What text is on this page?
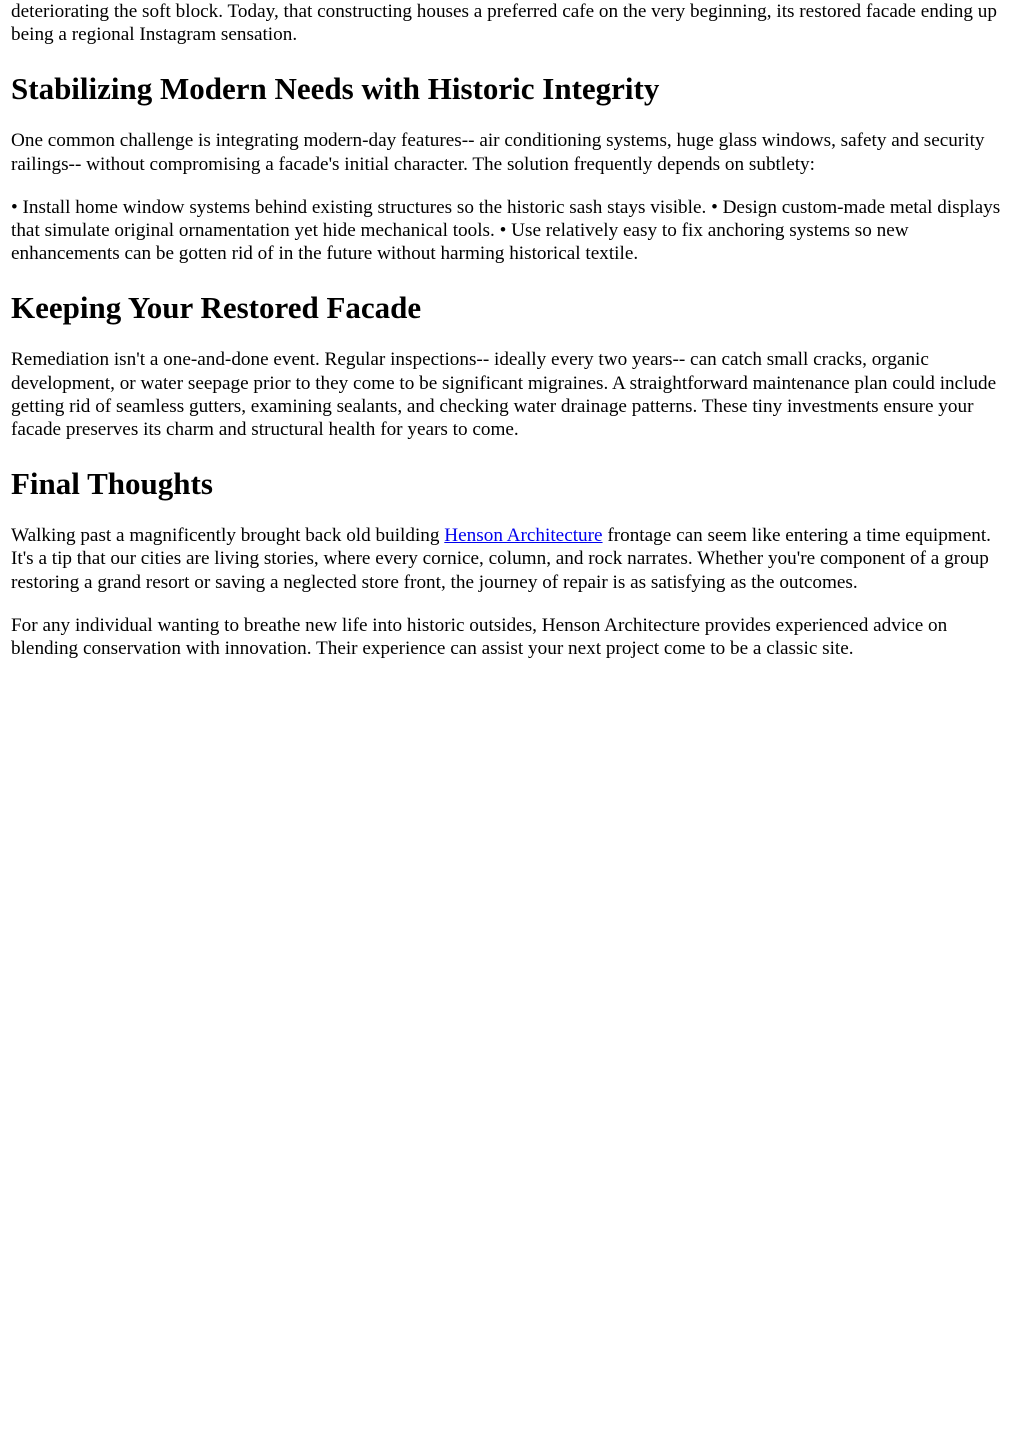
deteriorating the soft block. Today, that constructing houses a preferred cafe on the very beginning, its restored facade ending up being a regional Instagram sensation.

Stabilizing Modern Needs with Historic Integrity

One common challenge is integrating modern-day features-- air conditioning systems, huge glass windows, safety and security railings-- without compromising a facade's initial character. The solution frequently depends on subtlety:

• Install home window systems behind existing structures so the historic sash stays visible. • Design custom-made metal displays that simulate original ornamentation yet hide mechanical tools. • Use relatively easy to fix anchoring systems so new enhancements can be gotten rid of in the future without harming historical textile.

Keeping Your Restored Facade

Remediation isn't a one-and-done event. Regular inspections-- ideally every two years-- can catch small cracks, organic development, or water seepage prior to they come to be significant migraines. A straightforward maintenance plan could include getting rid of seamless gutters, examining sealants, and checking water drainage patterns. These tiny investments ensure your facade preserves its charm and structural health for years to come.

Final Thoughts

Walking past a magnificently brought back old building Henson Architecture frontage can seem like entering a time equipment. It's a tip that our cities are living stories, where every cornice, column, and rock narrates. Whether you're component of a group restoring a grand resort or saving a neglected store front, the journey of repair is as satisfying as the outcomes.

For any individual wanting to breathe new life into historic outsides, Henson Architecture provides experienced advice on blending conservation with innovation. Their experience can assist your next project come to be a classic site.
